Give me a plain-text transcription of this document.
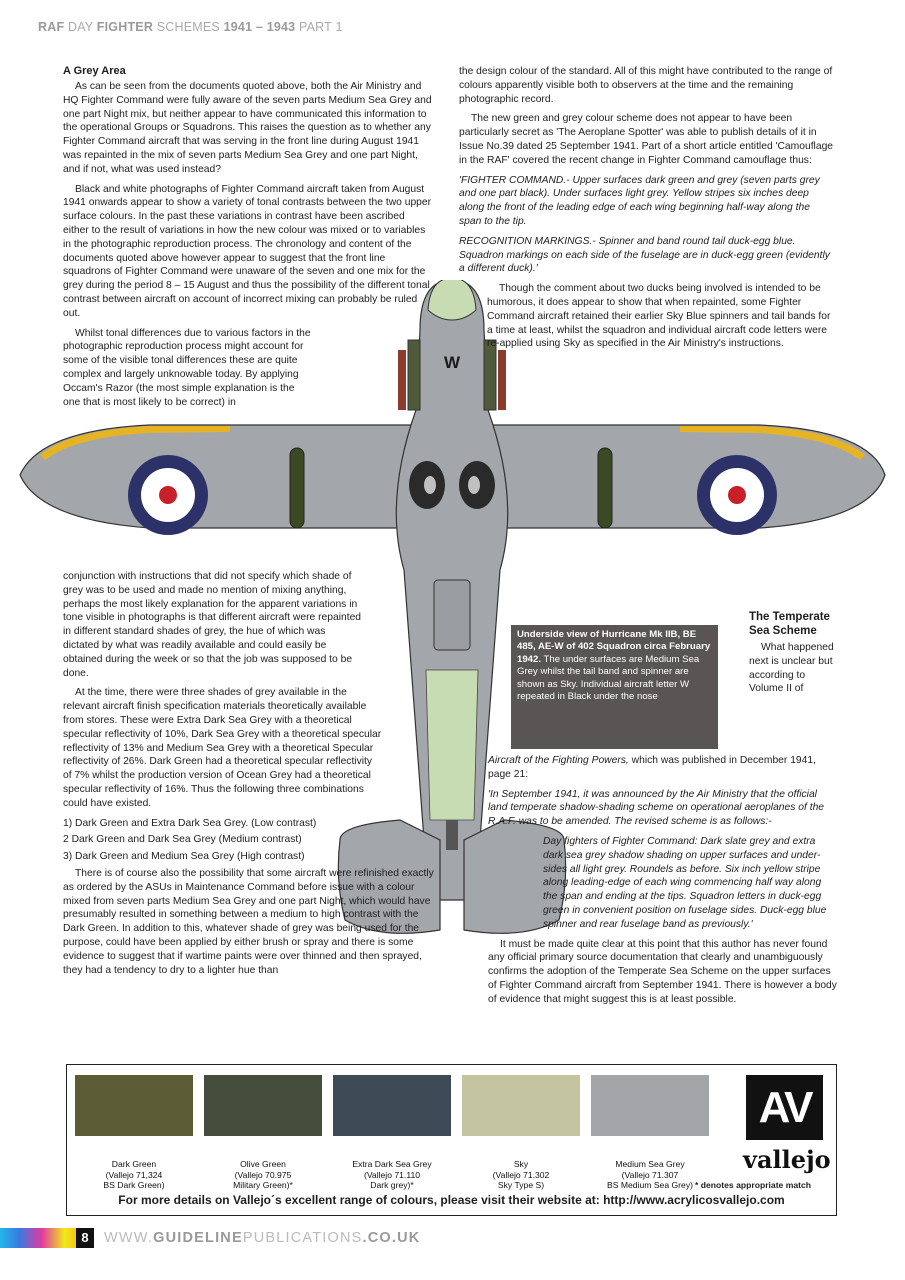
RAF DAY FIGHTER SCHEMES 1941 – 1943 PART 1
W
A Grey Area

As can be seen from the documents quoted above, both the Air Ministry and HQ Fighter Command were fully aware of the seven parts Medium Sea Grey and one part Night mix, but neither appear to have communicated this information to the operational Groups or Squadrons. This raises the question as to whether any Fighter Command aircraft that was serving in the front line during August 1941 was repainted in the mix of seven parts Medium Sea Grey and one part Night, and if not, what was used instead?

Black and white photographs of Fighter Command aircraft taken from August 1941 onwards appear to show a variety of tonal contrasts between the two upper surface colours. In the past these variations in contrast have been ascribed either to the result of variations in how the new colour was mixed or to variables in the photographic reproduction process. The chronology and content of the documents quoted above however appear to suggest that the front line squadrons of Fighter Command were unaware of the seven and one mix for the grey during the period 8 – 15 August and thus the possibility of the different tonal contrast between aircraft on account of incorrect mixing can probably be ruled out.

Whilst tonal differences due to various factors in the photographic reproduction process might account for some of the visible tonal differences these are quite complex and largely unknowable today. By applying Occam's Razor (the most simple explanation is the one that is most likely to be correct) in

conjunction with instructions that did not specify which shade of grey was to be used and made no mention of mixing anything, perhaps the most likely explanation for the apparent variations in tone visible in photographs is that different aircraft were repainted in different standard shades of grey, the hue of which was dictated by what was readily available and could easily be obtained during the week or so that the job was supposed to be done.

At the time, there were three shades of grey available in the relevant aircraft finish specification materials theoretically available from stores. These were Extra Dark Sea Grey with a theoretical specular reflectivity of 10%, Dark Sea Grey with a theoretical specular reflectivity of 13% and Medium Sea Grey with a theoretical Specular reflectivity of 26%. Dark Green had a theoretical specular reflectivity of 7% whilst the production version of Ocean Grey had a theoretical specular reflectivity of 16%. Thus the following three combinations could have existed.

1) Dark Green and Extra Dark Sea Grey. (Low contrast)

2 Dark Green and Dark Sea Grey (Medium contrast)

3) Dark Green and Medium Sea Grey (High contrast)

There is of course also the possibility that some aircraft were refinished exactly as ordered by the ASUs in Maintenance Command before issue with a colour mixed from seven parts Medium Sea Grey and one part Night, which would have presumably resulted in something between a medium to high contrast with the Dark Green. In addition to this, whatever shade of grey was being used for the purpose, could have been applied by either brush or spray and there is some evidence to suggest that if wartime paints were over thinned and then sprayed, they had a tendency to dry to a lighter hue than

the design colour of the standard. All of this might have contributed to the range of colours apparently visible both to observers at the time and the remaining photographic record.

The new green and grey colour scheme does not appear to have been particularly secret as 'The Aeroplane Spotter' was able to publish details of it in Issue No.39 dated 25 September 1941. Part of a short article entitled 'Camouflage in the RAF' covered the recent change in Fighter Command camouflage thus:

'FIGHTER COMMAND.- Upper surfaces dark green and grey (seven parts grey and one part black). Under surfaces light grey. Yellow stripes six inches deep along the front of the leading edge of each wing beginning half-way along the span to the tip.

RECOGNITION MARKINGS.- Spinner and band round tail duck-egg blue. Squadron markings on each side of the fuselage are in duck-egg green (evidently a different duck).'

Though the comment about two ducks being involved is intended to be humorous, it does appear to show that when repainted, some Fighter Command aircraft retained their earlier Sky Blue spinners and tail bands for a time at least, whilst the squadron and individual aircraft code letters were re-applied using Sky as specified in the Air Ministry's instructions.

Underside view of Hurricane Mk IIB, BE 485, AE-W of 402 Squadron circa February 1942. The under surfaces are Medium Sea Grey whilst the tail band and spinner are shown as Sky. Individual aircraft letter W repeated in Black under the nose
The Temperate Sea Scheme

What happened next is unclear but according to Volume II of

Aircraft of the Fighting Powers, which was published in December 1941, page 21:

'In September 1941, it was announced by the Air Ministry that the official land temperate shadow-shading scheme on operational aeroplanes of the R.A.F. was to be amended. The revised scheme is as follows:-

Day fighters of Fighter Command: Dark slate grey and extra dark sea grey shadow shading on upper surfaces and under-sides all light grey. Roundels as before. Six inch yellow stripe along leading-edge of each wing commencing half way along the span and ending at the tips. Squadron letters in duck-egg green in convenient position on fuselage sides. Duck-egg blue spinner and rear fuselage band as previously.'

It must be made quite clear at this point that this author has never found any official primary source documentation that clearly and unambiguously confirms the adoption of the Temperate Sea Scheme on the upper surfaces of Fighter Command aircraft from September 1941. There is however a body of evidence that might suggest this is at least possible.

Dark Green
(Vallejo 71,324
BS Dark Green)
Olive Green
(Vallejo 70.975
Military Green)*
Extra Dark Sea Grey
(Vallejo 71.110
Dark grey)*
Sky
(Vallejo 71.302
Sky Type S)
Medium Sea Grey
(Vallejo 71.307
BS Medium Sea Grey) * denotes appropriate match
AV
vallejo
For more details on Vallejo´s excellent range of colours, please visit their website at: http://www.acrylicosvallejo.com
8	WWW.GUIDELINEPUBLICATIONS.CO.UK
